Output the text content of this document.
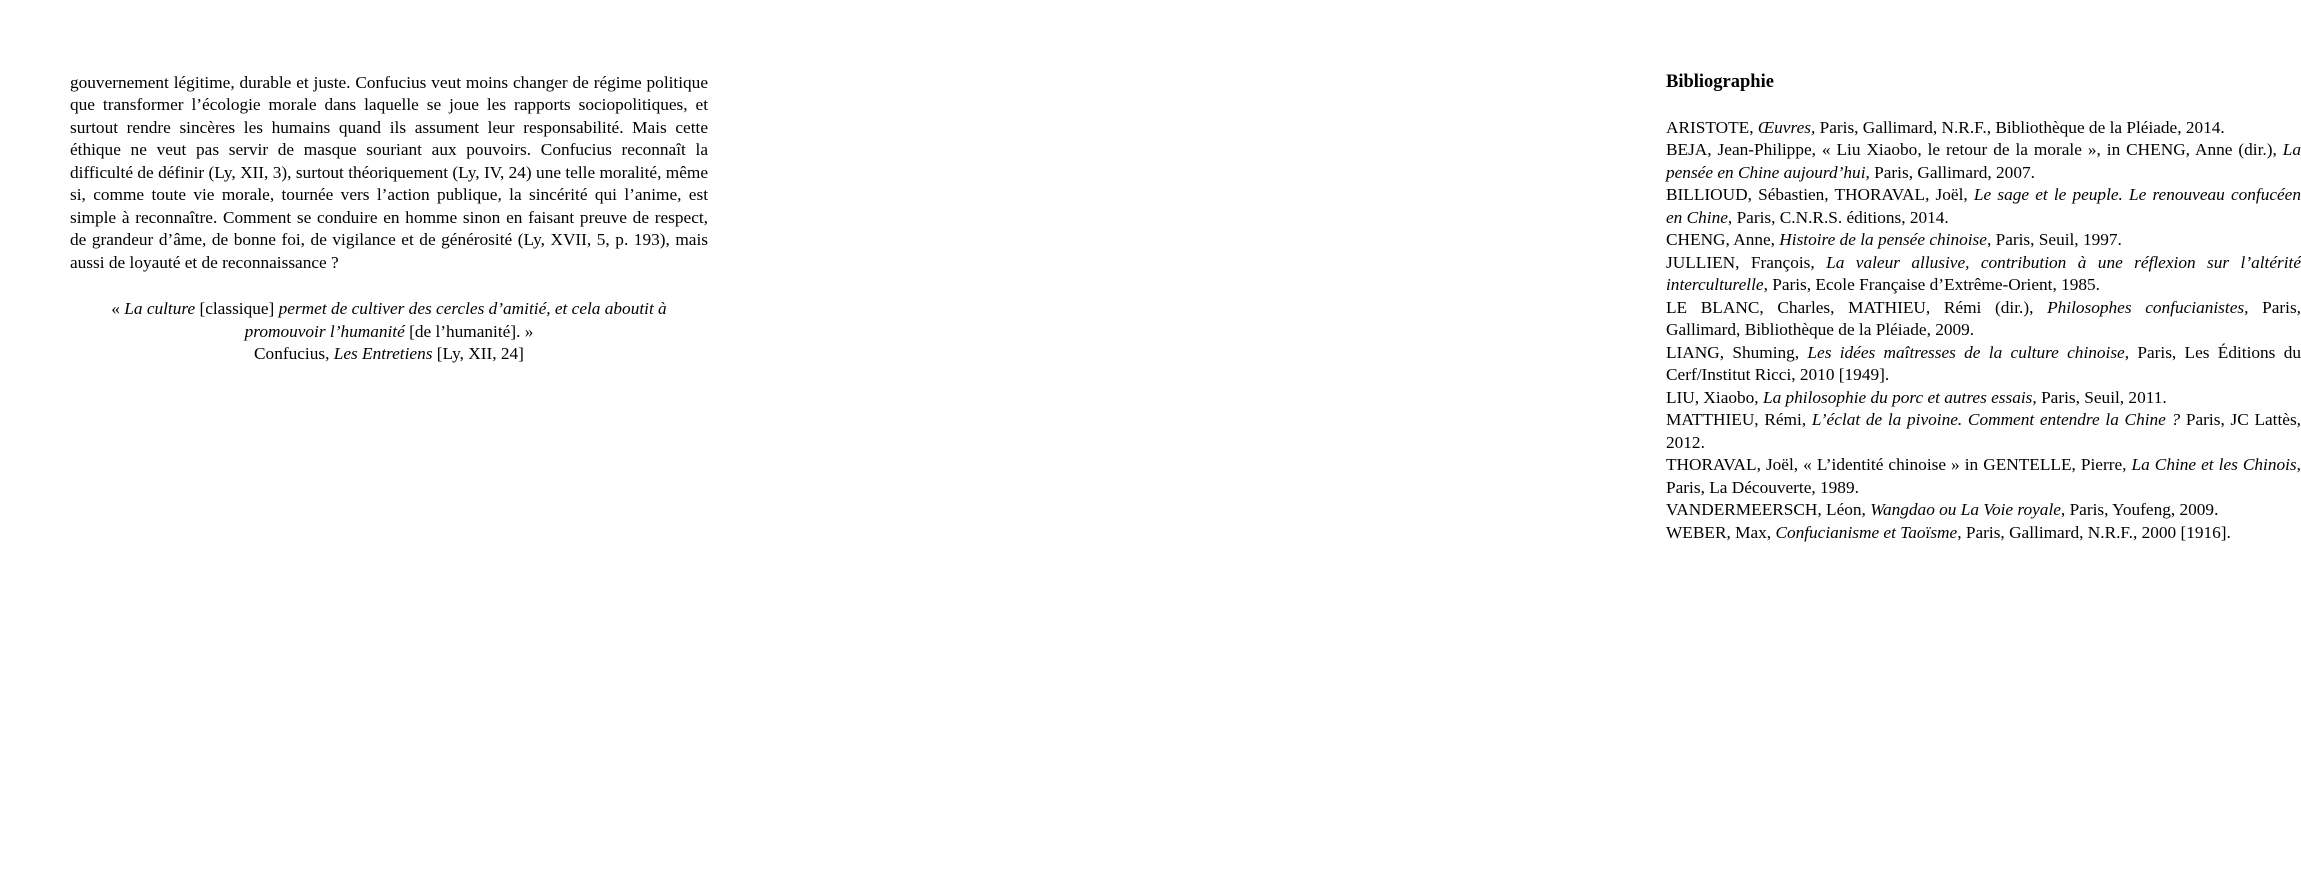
gouvernement légitime, durable et juste. Confucius veut moins changer de régime politique que transformer l’écologie morale dans laquelle se joue les rapports sociopolitiques, et surtout rendre sincères les humains quand ils assument leur responsabilité. Mais cette éthique ne veut pas servir de masque souriant aux pouvoirs. Confucius reconnaît la difficulté de définir (Ly, XII, 3), surtout théoriquement (Ly, IV, 24) une telle moralité, même si, comme toute vie morale, tournée vers l’action publique, la sincérité qui l’anime, est simple à reconnaître. Comment se conduire en homme sinon en faisant preuve de respect, de grandeur d’âme, de bonne foi, de vigilance et de générosité (Ly, XVII, 5, p. 193), mais aussi de loyauté et de reconnaissance ?

« La culture [classique] permet de cultiver des cercles d’amitié, et cela aboutit à promouvoir l’humanité [de l’humanité]. »
Confucius, Les Entretiens [Ly, XII, 24]
Bibliographie
ARISTOTE, Œuvres, Paris, Gallimard, N.R.F., Bibliothèque de la Pléiade, 2014.
BEJA, Jean-Philippe, « Liu Xiaobo, le retour de la morale », in CHENG, Anne (dir.), La pensée en Chine aujourd’hui, Paris, Gallimard, 2007.
BILLIOUD, Sébastien, THORAVAL, Joël, Le sage et le peuple. Le renouveau confucéen en Chine, Paris, C.N.R.S. éditions, 2014.
CHENG, Anne, Histoire de la pensée chinoise, Paris, Seuil, 1997.
JULLIEN, François, La valeur allusive, contribution à une réflexion sur l’altérité interculturelle, Paris, Ecole Française d’Extrême-Orient, 1985.
LE BLANC, Charles, MATHIEU, Rémi (dir.), Philosophes confucianistes, Paris, Gallimard, Bibliothèque de la Pléiade, 2009.
LIANG, Shuming, Les idées maîtresses de la culture chinoise, Paris, Les Éditions du Cerf/Institut Ricci, 2010 [1949].
LIU, Xiaobo, La philosophie du porc et autres essais, Paris, Seuil, 2011.
MATTHIEU, Rémi, L’éclat de la pivoine. Comment entendre la Chine ? Paris, JC Lattès, 2012.
THORAVAL, Joël, « L’identité chinoise » in GENTELLE, Pierre, La Chine et les Chinois, Paris, La Découverte, 1989.
VANDERMEERSCH, Léon, Wangdao ou La Voie royale, Paris, Youfeng, 2009.
WEBER, Max, Confucianisme et Taoïsme, Paris, Gallimard, N.R.F., 2000 [1916].
